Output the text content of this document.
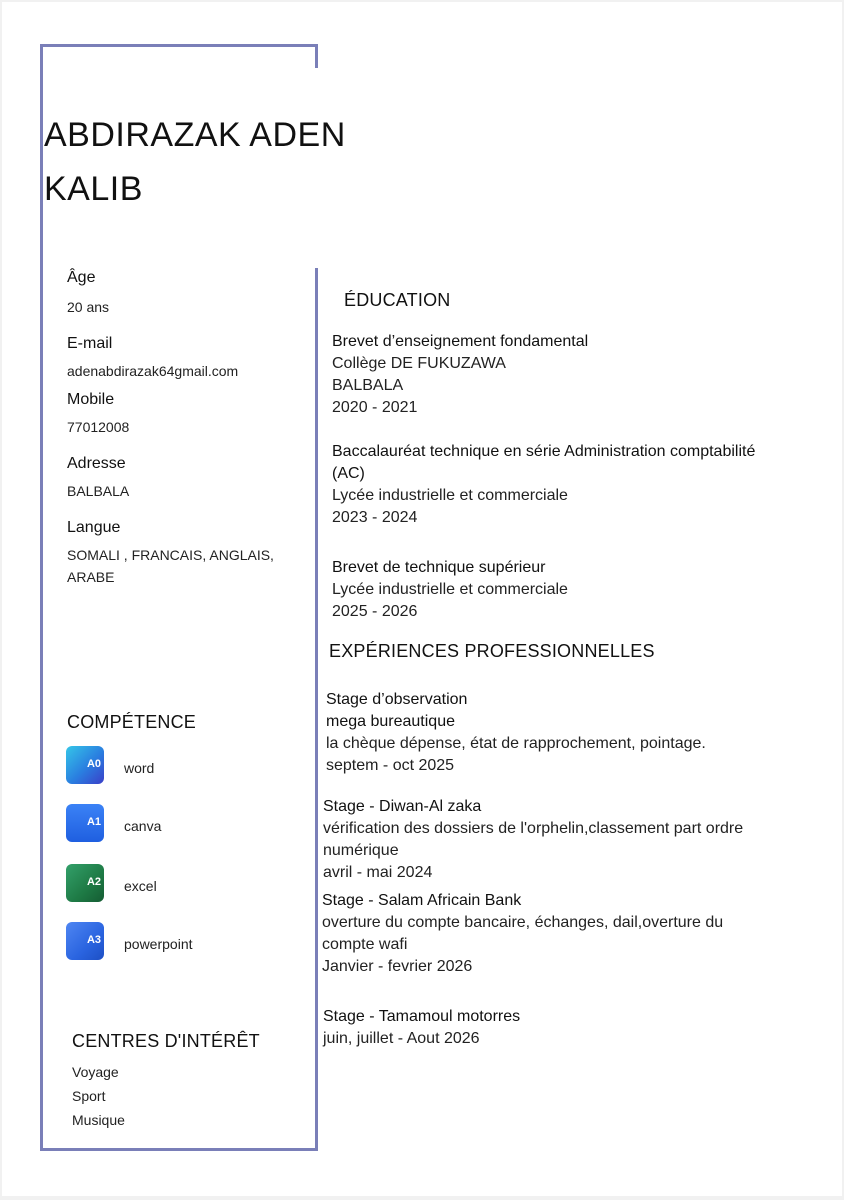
ABDIRAZAK ADEN
KALIB
Âge
20 ans
E-mail
adenabdirazak64gmail.com
Mobile
77012008
Adresse
BALBALA
Langue
SOMALI , FRANCAIS, ANGLAIS,
ARABE
COMPÉTENCE
A0 word
A1 canva
A2 excel
A3 powerpoint
CENTRES D'INTÉRÊT
Voyage
Sport
Musique
ÉDUCATION
Brevet d’enseignement fondamental
Collège DE FUKUZAWA
BALBALA
2020 - 2021
Baccalauréat technique en série Administration comptabilité
(AC)
Lycée industrielle et commerciale
2023 - 2024
Brevet de technique supérieur
Lycée industrielle et commerciale
2025 - 2026
EXPÉRIENCES PROFESSIONNELLES
Stage d’observation
mega bureautique
la chèque dépense, état de rapprochement, pointage.
septem - oct 2025
Stage - Diwan-Al zaka
vérification des dossiers de l'orphelin,classement part ordre
numérique
avril - mai 2024
Stage - Salam Africain Bank
overture du compte bancaire, échanges, dail,overture du
compte wafi
Janvier - fevrier 2026
Stage - Tamamoul motorres
juin, juillet - Aout 2026
